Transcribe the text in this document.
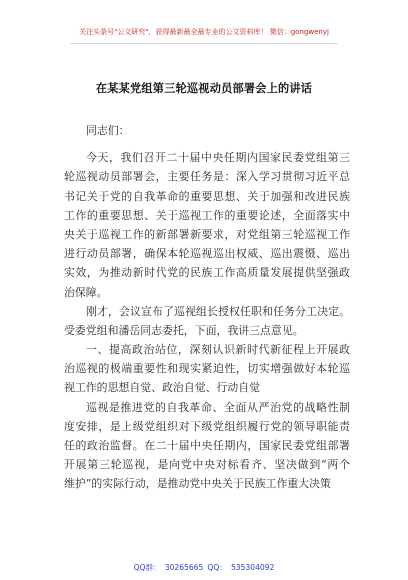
关注头条号"公文研究"，获得最新最全最专业的公文资料库！ 微信：gongwenyj
在某某党组第三轮巡视动员部署会上的讲话
同志们：
今天，我们召开二十届中央任期内国家民委党组第三
轮巡视动员部署会，主要任务是：深入学习贯彻习近平总
书记关于党的自我革命的重要思想、关于加强和改进民族
工作的重要思想、关于巡视工作的重要论述，全面落实中
央关于巡视工作的新部署新要求，对党组第三轮巡视工作
进行动员部署，确保本轮巡视巡出权威、巡出震慑、巡出
实效，为推动新时代党的民族工作高质量发展提供坚强政
治保障。
刚才，会议宣布了巡视组长授权任职和任务分工决定。
受委党组和潘岳同志委托，下面，我讲三点意见。
一、提高政治站位，深刻认识新时代新征程上开展政
治巡视的极端重要性和现实紧迫性，切实增强做好本轮巡
视工作的思想自觉、政治自觉、行动自觉
巡视是推进党的自我革命、全面从严治党的战略性制
度安排，是上级党组织对下级党组织履行党的领导职能责
任的政治监督。在二十届中央任期内，国家民委党组部署
开展第三轮巡视，是向党中央对标看齐、坚决做到“两个
维护”的实际行动，是推动党中央关于民族工作重大决策
QQ群： 30265665 QQ： 535304092
